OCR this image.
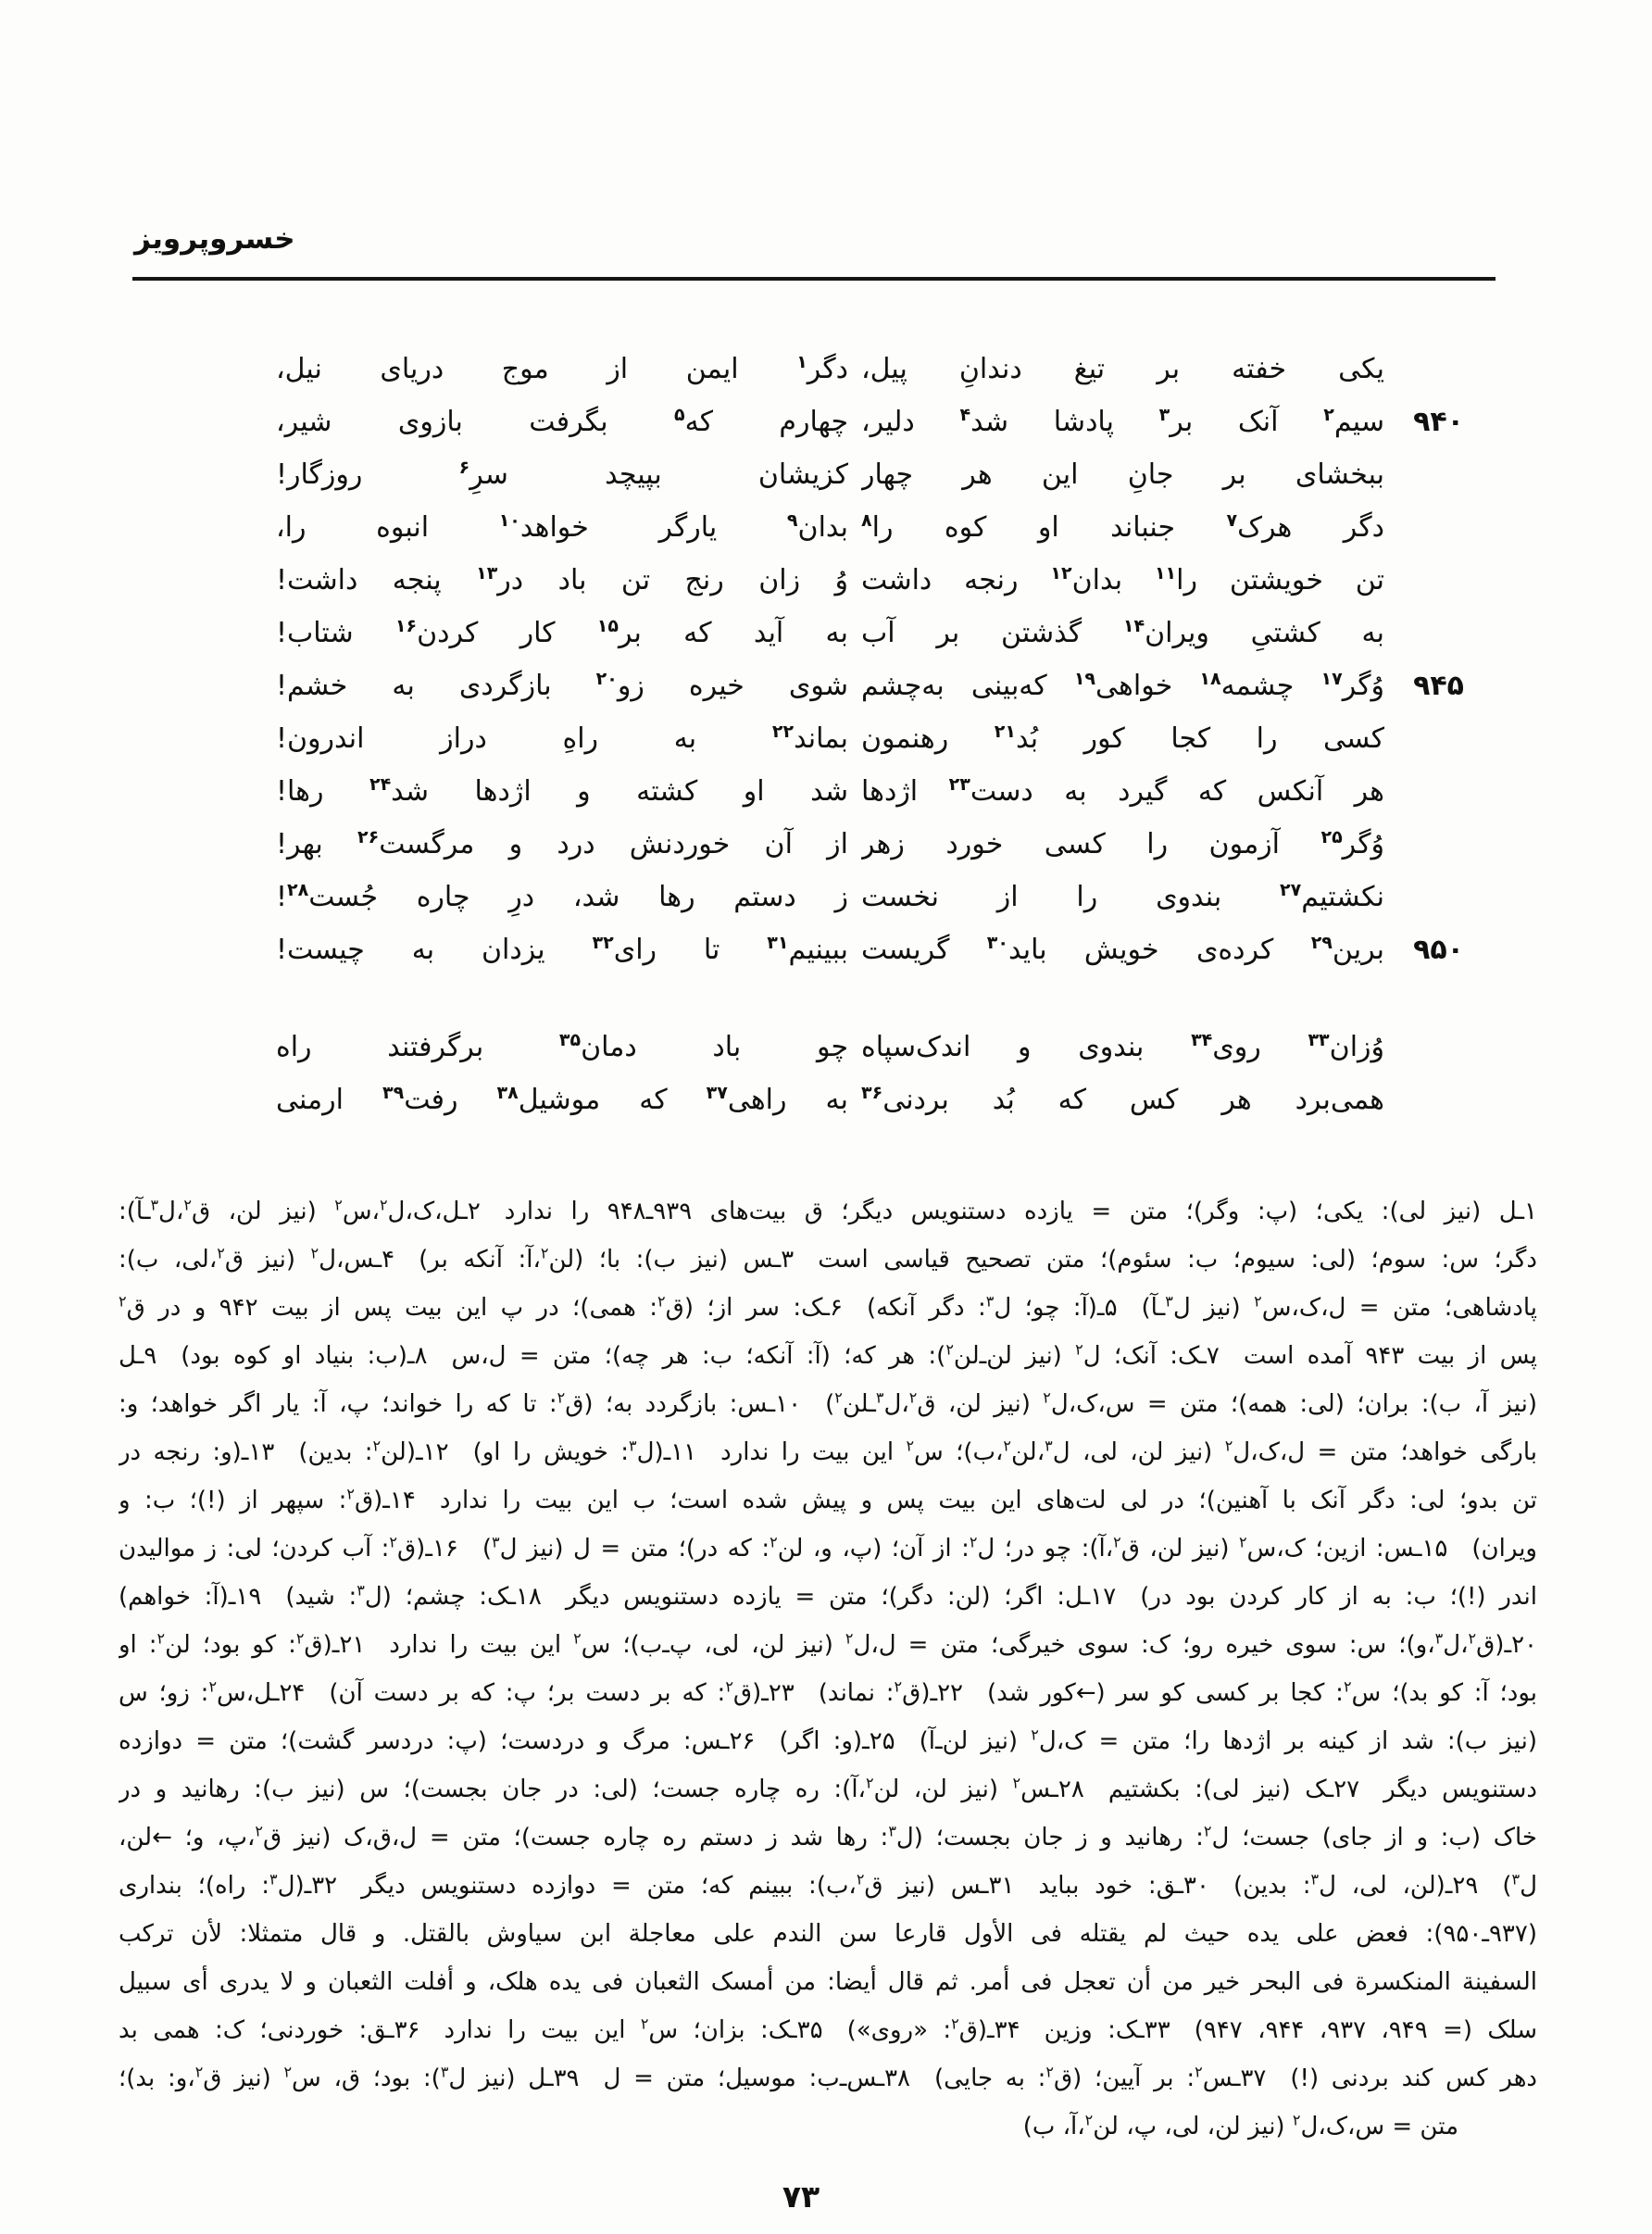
خسروپرویز
یکی خفته بر تیغ دندانِ پیل،
دگر$^۱$ ایمن از موج دریای نیل،
۹۴۰
سیم$^۲$ آنک بر$^۳$ پادشا شد$^۴$ دلیر،
چهارم که$^۵$ بگرفت بازوی شیر،
ببخشای بر جانِ این هر چهار
کزیشان بپیچد سرِ$^۶$ روزگار!
دگر هرک$^۷$ جنباند او کوه را$^۸$
بدان$^۹$ یارگر خواهد$^{۱۰}$ انبوه را،
تن خویشتن را$^{۱۱}$ بدان$^{۱۲}$ رنجه داشت
وُ زان رنج تن باد در$^{۱۳}$ پنجه داشت!
به کشتیِ ویران$^{۱۴}$ گذشتن بر آب
به آید که بر$^{۱۵}$ کار کردن$^{۱۶}$ شتاب!
۹۴۵
وُگر$^{۱۷}$ چشمه$^{۱۸}$ خواهی$^{۱۹}$ که‌بینی به‌چشم
شوی خیره زو$^{۲۰}$ بازگردی به خشم!
کسی را کجا کور بُد$^{۲۱}$ رهنمون
بماند$^{۲۲}$ به راهِ دراز اندرون!
هر آنکس که گیرد به دست$^{۲۳}$ اژدها
شد او کشته و اژدها شد$^{۲۴}$ رها!
وُگر$^{۲۵}$ آزمون را کسی خورد زهر
از آن خوردنش درد و مرگست$^{۲۶}$ بهر!
نکشتیم$^{۲۷}$ بندوی را از نخست
ز دستم رها شد، درِ چاره جُست$^{۲۸}$!
۹۵۰
برین$^{۲۹}$ کرده‌ی خویش باید$^{۳۰}$ گریست
ببینیم$^{۳۱}$ تا رای$^{۳۲}$ یزدان به چیست!
وُزان$^{۳۳}$ روی$^{۳۴}$ بندوی و اندک‌سپاه
چو باد دمان$^{۳۵}$ برگرفتند راه
همی‌برد هر کس که بُد بردنی$^{۳۶}$
به راهی$^{۳۷}$ که موشیل$^{۳۸}$ رفت$^{۳۹}$ ارمنی
۱ـل (نیز لی): یکی؛ (پ: وگر)؛ متن = یازده دستنویس دیگر؛ ق بیت‌های ۹۳۹ـ۹۴۸ را ندارد ۲ـل،ک،ل$^۲$،س$^۲$ (نیز لن، ق$^۲$،ل$^۳$ـآ):
دگر؛ س: سوم؛ (لی: سیوم؛ ب: سئوم)؛ متن تصحیح قیاسی است ۳ـس (نیز ب): با؛ (لن$^۲$،آ: آنکه بر) ۴ـس،ل$^۲$ (نیز ق$^۲$،لی، ب):
پادشاهی؛ متن = ل،ک،س$^۲$ (نیز ل$^۳$ـآ) ۵ـ(آ: چو؛ ل$^۳$: دگر آنکه) ۶ـک: سر از؛ (ق$^۲$: همی)؛ در پ این بیت پس از بیت ۹۴۲ و در ق$^۲$
پس از بیت ۹۴۳ آمده است ۷ـک: آنک؛ ل$^۲$ (نیز لن‌ـ‌لن$^۲$): هر که؛ (آ: آنکه؛ ب: هر چه)؛ متن = ل،س ۸ـ(ب: بنیاد او کوه بود) ۹ـل
(نیز آ، ب): بران؛ (لی: همه)؛ متن = س،ک،ل$^۲$ (نیز لن، ق$^۲$،ل$^۳$ـلن$^۲$) ۱۰ـس: بازگردد به؛ (ق$^۲$: تا که را خواند؛ پ، آ: یار اگر خواهد؛ و:
بارگی خواهد؛ متن = ل،ک،ل$^۲$ (نیز لن، لی، ل$^۳$،لن$^۲$،ب)؛ س$^۲$ این بیت را ندارد ۱۱ـ(ل$^۳$: خویش را او) ۱۲ـ(لن$^۲$: بدین) ۱۳ـ(و: رنجه در
تن بدو؛ لی: دگر آنک با آهنین)؛ در لی لت‌های این بیت پس و پیش شده است؛ ب این بیت را ندارد ۱۴ـ(ق$^۲$: سپهر از (!)؛ ب: و
ویران) ۱۵ـس: ازین؛ ک،س$^۲$ (نیز لن، ق$^۲$،آ): چو در؛ ل$^۲$: از آن؛ (پ، و، لن$^۲$: که در)؛ متن = ل (نیز ل$^۳$) ۱۶ـ(ق$^۲$: آب کردن؛ لی: ز موالیدن
اندر (!)؛ ب: به از کار کردن بود در) ۱۷ـل: اگر؛ (لن: دگر)؛ متن = یازده دستنویس دیگر ۱۸ـک: چشم؛ (ل$^۳$: شید) ۱۹ـ(آ: خواهم)
۲۰ـ(ق$^۲$،ل$^۳$،و)؛ س: سوی خیره رو؛ ک: سوی خیرگی؛ متن = ل،ل$^۲$ (نیز لن، لی، پ‌ـ‌ب)؛ س$^۲$ این بیت را ندارد ۲۱ـ(ق$^۲$: کو بود؛ لن$^۲$: او
بود؛ آ: کو بد)؛ س$^۲$: کجا بر کسی کو سر (←کور شد) ۲۲ـ(ق$^۲$: نماند) ۲۳ـ(ق$^۲$: که بر دست بر؛ پ: که بر دست آن) ۲۴ـل،س$^۲$: زو؛ س
(نیز ب): شد از کینه بر اژدها را؛ متن = ک،ل$^۲$ (نیز لن‌ـ‌آ) ۲۵ـ(و: اگر) ۲۶ـس: مرگ و دردست؛ (پ: دردسر گشت)؛ متن = دوازده
دستنویس دیگر ۲۷ـک (نیز لی): بکشتیم ۲۸ـس$^۲$ (نیز لن، لن$^۲$،آ): ره چاره جست؛ (لی: در جان بجست)؛ س (نیز ب): رهانید و در
خاک (ب: و از جای) جست؛ ل$^۲$: رهانید و ز جان بجست؛ (ل$^۳$: رها شد ز دستم ره چاره جست)؛ متن = ل،ق،ک (نیز ق$^۲$،پ، و؛ ←لن،
ل$^۳$) ۲۹ـ(لن، لی، ل$^۳$: بدین) ۳۰ـق: خود بباید ۳۱ـس (نیز ق$^۲$،ب): ببینم که؛ متن = دوازده دستنویس دیگر ۳۲ـ(ل$^۳$: راه)؛ بنداری
(۹۳۷ـ۹۵۰): فعض علی یده حیث لم یقتله فی الأول قارعا سن الندم علی معاجلة ابن سیاوش بالقتل. و قال متمثلا: لأن ترکب
السفینة المنکسرة فی البحر خیر من أن تعجل فی أمر. ثم قال أیضا: من أمسک الثعبان فی یده هلک، و أفلت الثعبان و لا یدری أی سبیل
سلک (= ۹۴۹، ۹۳۷، ۹۴۴، ۹۴۷) ۳۳ـک: وزین ۳۴ـ(ق$^۲$: «روی») ۳۵ـک: بزان؛ س$^۲$ این بیت را ندارد ۳۶ـق: خوردنی؛ ک: همی بد
دهر کس کند بردنی (!) ۳۷ـس$^۲$: بر آیین؛ (ق$^۲$: به جایی) ۳۸ـس‌ـ‌ب: موسیل؛ متن = ل ۳۹ـل (نیز ل$^۳$): بود؛ ق، س$^۲$ (نیز ق$^۲$،و: بد)؛
متن = س،ک،ل$^۲$ (نیز لن، لی، پ، لن$^۲$،آ، ب)
۷۳
